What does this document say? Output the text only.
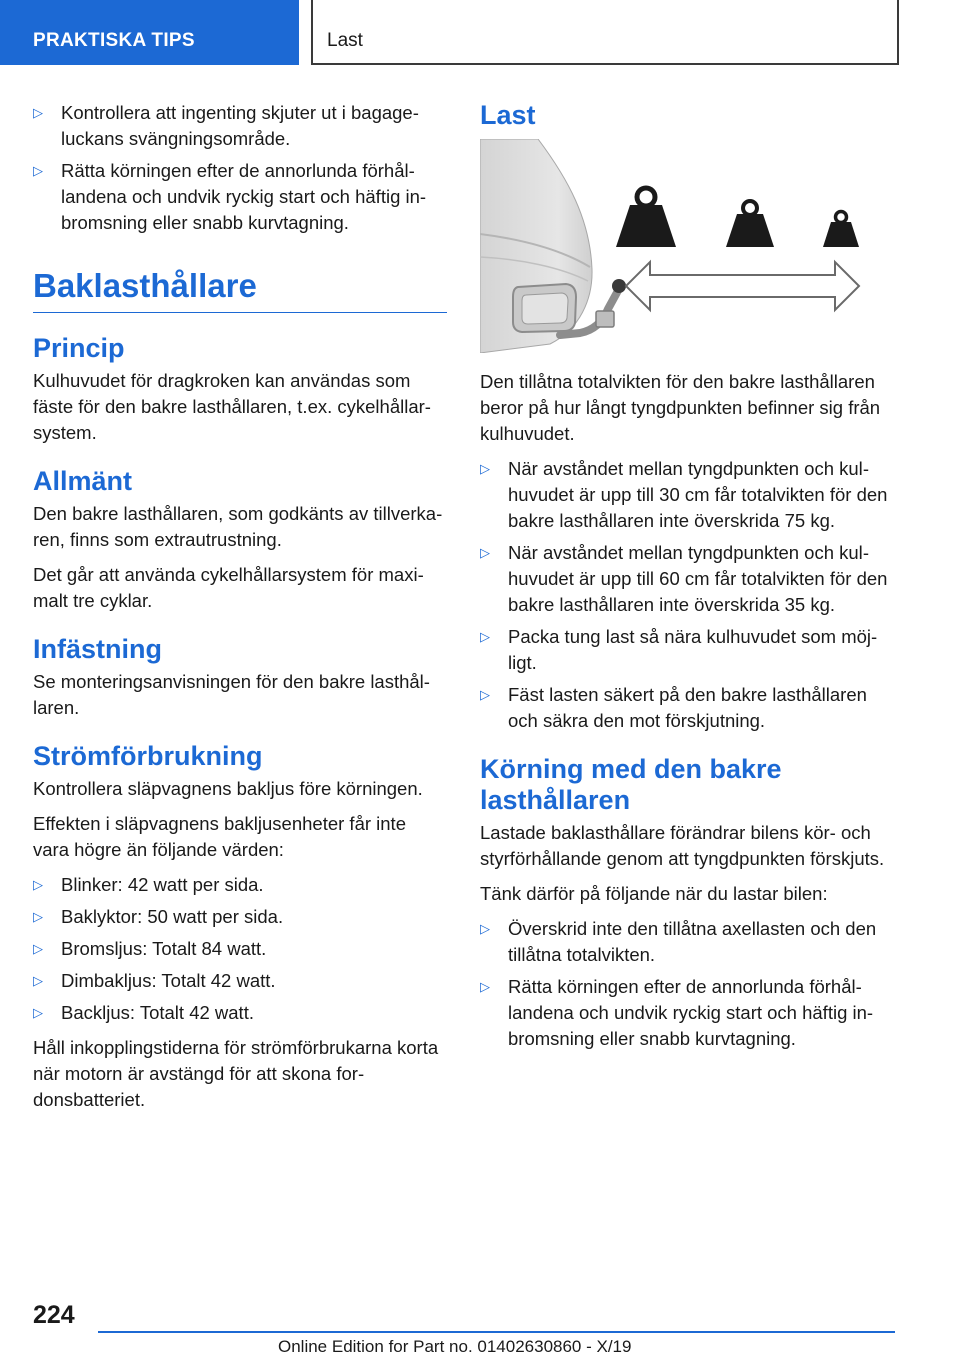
PRAKTISKA TIPS	Last
▷ Kontrollera att ingenting skjuter ut i bagageluckans svängningsområde.
▷ Rätta körningen efter de annorlunda förhållandena och undvik ryckig start och häftig inbromsning eller snabb kurvtagning.
Baklasthållare
Princip

Kulhuvudet för dragkroken kan användas som fäste för den bakre lasthållaren, t.ex. cykelhållarsystem.

Allmänt

Den bakre lasthållaren, som godkänts av tillverkaren, finns som extrautrustning.

Det går att använda cykelhållarsystem för maximalt tre cyklar.

Infästning

Se monteringsanvisningen för den bakre lasthållaren.

Strömförbrukning

Kontrollera släpvagnens bakljus före körningen.

Effekten i släpvagnens bakljusenheter får inte vara högre än följande värden:

▷ Blinker: 42 watt per sida.
▷ Baklyktor: 50 watt per sida.
▷ Bromsljus: Totalt 84 watt.
▷ Dimbakljus: Totalt 42 watt.
▷ Backljus: Totalt 42 watt.

Håll inkopplingstiderna för strömförbrukarna korta när motorn är avstängd för att skona fordonsbatteriet.

Last

Den tillåtna totalvikten för den bakre lasthållaren beror på hur långt tyngdpunkten befinner sig från kulhuvudet.

▷ När avståndet mellan tyngdpunkten och kulhuvudet är upp till 30 cm får totalvikten för den bakre lasthållaren inte överskrida 75 kg.
▷ När avståndet mellan tyngdpunkten och kulhuvudet är upp till 60 cm får totalvikten för den bakre lasthållaren inte överskrida 35 kg.
▷ Packa tung last så nära kulhuvudet som möjligt.
▷ Fäst lasten säkert på den bakre lasthållaren och säkra den mot förskjutning.
Körning med den bakre lasthållaren

Lastade baklasthållare förändrar bilens kör- och styrförhållande genom att tyngdpunkten förskjuts.

Tänk därför på följande när du lastar bilen:

▷ Överskrid inte den tillåtna axellasten och den tillåtna totalvikten.
▷ Rätta körningen efter de annorlunda förhållandena och undvik ryckig start och häftig inbromsning eller snabb kurvtagning.
224
Online Edition for Part no. 01402630860 - X/19
